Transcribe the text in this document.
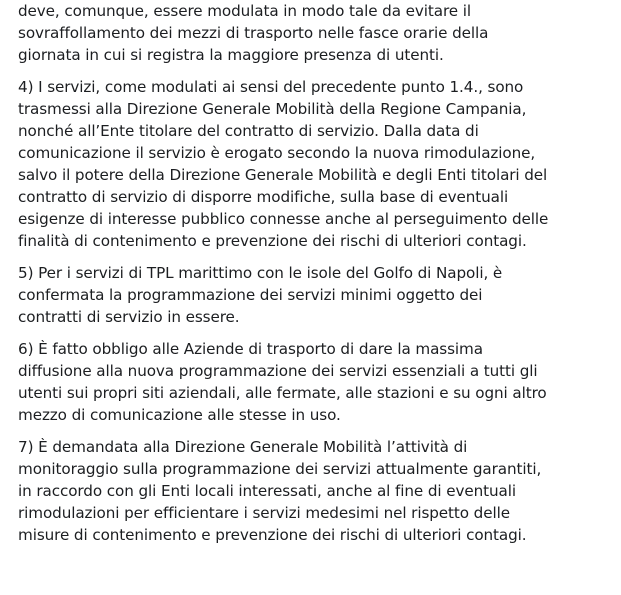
deve, comunque, essere modulata in modo tale da evitare il
sovraffollamento dei mezzi di trasporto nelle fasce orarie della
giornata in cui si registra la maggiore presenza di utenti.
4) I servizi, come modulati ai sensi del precedente punto 1.4., sono
trasmessi alla Direzione Generale Mobilità della Regione Campania,
nonché all’Ente titolare del contratto di servizio. Dalla data di
comunicazione il servizio è erogato secondo la nuova rimodulazione,
salvo il potere della Direzione Generale Mobilità e degli Enti titolari del
contratto di servizio di disporre modifiche, sulla base di eventuali
esigenze di interesse pubblico connesse anche al perseguimento delle
finalità di contenimento e prevenzione dei rischi di ulteriori contagi.
5) Per i servizi di TPL marittimo con le isole del Golfo di Napoli, è
confermata la programmazione dei servizi minimi oggetto dei
contratti di servizio in essere.
6) È fatto obbligo alle Aziende di trasporto di dare la massima
diffusione alla nuova programmazione dei servizi essenziali a tutti gli
utenti sui propri siti aziendali, alle fermate, alle stazioni e su ogni altro
mezzo di comunicazione alle stesse in uso.
7) È demandata alla Direzione Generale Mobilità l’attività di
monitoraggio sulla programmazione dei servizi attualmente garantiti,
in raccordo con gli Enti locali interessati, anche al fine di eventuali
rimodulazioni per efficientare i servizi medesimi nel rispetto delle
misure di contenimento e prevenzione dei rischi di ulteriori contagi.
